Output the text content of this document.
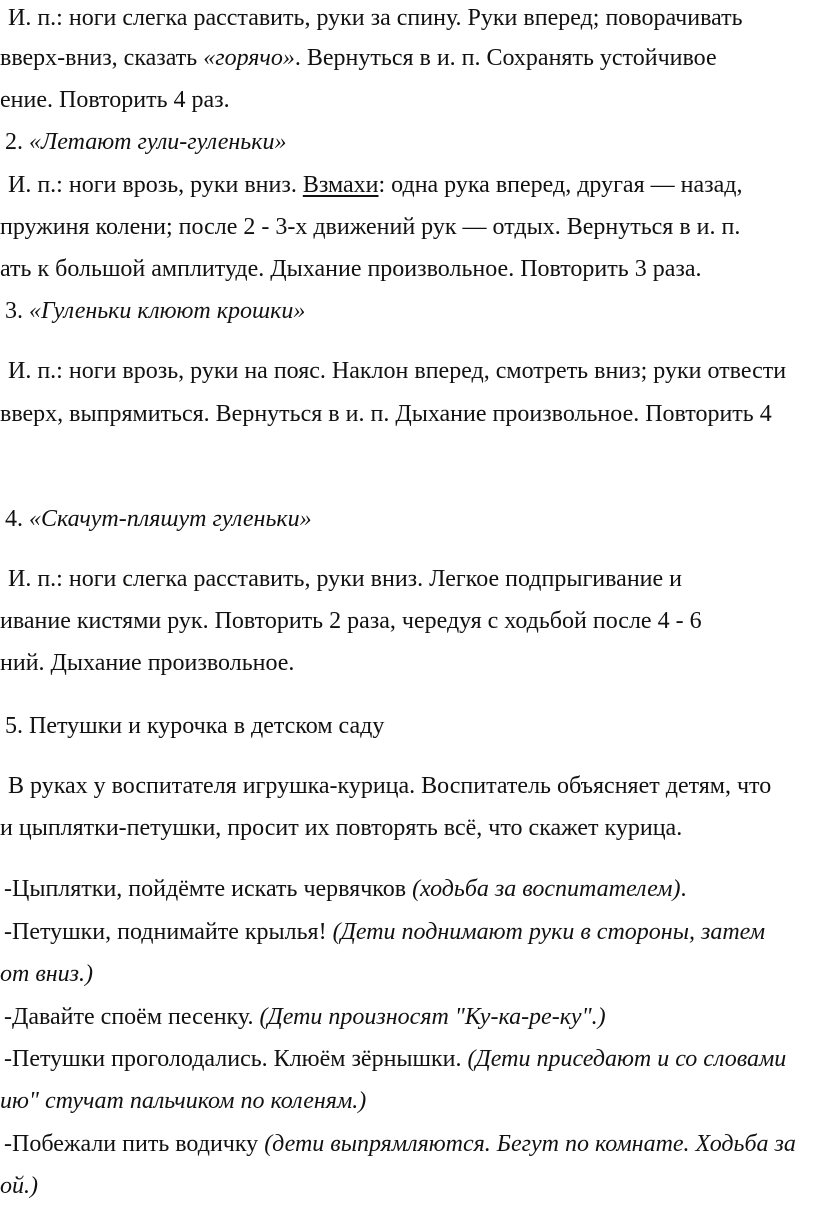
И. п.: ноги слегка расставить, руки за спину. Руки вперед; поворачивать
вверх-вниз, сказать «горячо». Вернуться в и. п. Сохранять устойчивое
ение. Повторить 4 раз.
2. «Летают гули-гуленьки»
И. п.: ноги врозь, руки вниз. Взмахи: одна рука вперед, другая — назад,
пружиня колени; после 2 - 3-х движений рук — отдых. Вернуться в и. п.
ать к большой амплитуде. Дыхание произвольное. Повторить 3 раза.
3. «Гуленьки клюют крошки»
И. п.: ноги врозь, руки на пояс. Наклон вперед, смотреть вниз; руки отвести
вверх, выпрямиться. Вернуться в и. п. Дыхание произвольное. Повторить 4
4. «Скачут-пляшут гуленьки»
И. п.: ноги слегка расставить, руки вниз. Легкое подпрыгивание и
ивание кистями рук. Повторить 2 раза, чередуя с ходьбой после 4 - 6
ний. Дыхание произвольное.
5. Петушки и курочка в детском саду
В руках у воспитателя игрушка-курица. Воспитатель объясняет детям, что
и цыплятки-петушки, просит их повторять всё, что скажет курица.
-Цыплятки, пойдёмте искать червячков (ходьба за воспитателем).
-Петушки, поднимайте крылья! (Дети поднимают руки в стороны, затем
от вниз.)
-Давайте споём песенку. (Дети произносят "Ку-ка-ре-ку".)
-Петушки проголодались. Клюём зёрнышки. (Дети приседают и со словами
ию" стучат пальчиком по коленям.)
-Побежали пить водичку (дети выпрямляются. Бегут по комнате. Ходьба за
ой.)
